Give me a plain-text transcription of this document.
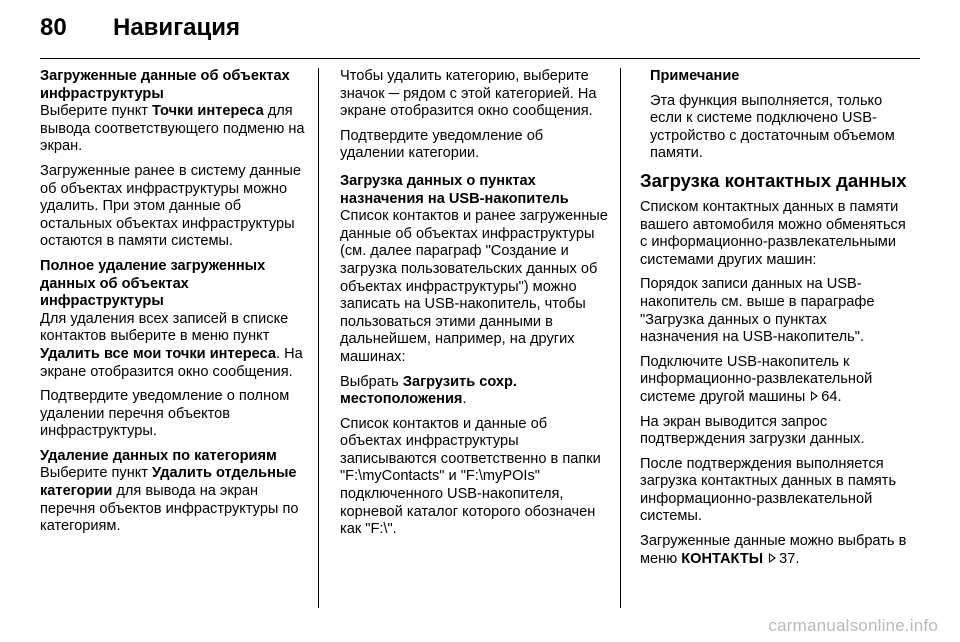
80	Навигация

Загруженные данные об объектах инфраструктуры

Выберите пункт Точки интереса для вывода соответствующего подменю на экран.

Загруженные ранее в систему данные об объектах инфраструктуры можно удалить. При этом данные об остальных объектах инфраструктуры остаются в памяти системы.

Полное удаление загруженных данных об объектах инфраструктуры

Для удаления всех записей в списке контактов выберите в меню пункт Удалить все мои точки интереса. На экране отобразится окно сообщения.

Подтвердите уведомление о полном удалении перечня объектов инфраструктуры.

Удаление данных по категориям

Выберите пункт Удалить отдельные категории для вывода на экран перечня объектов инфраструктуры по категориям.

Чтобы удалить категорию, выберите значок ─ рядом с этой категорией. На экране отобразится окно сообщения.

Подтвердите уведомление об удалении категории.

Загрузка данных о пунктах назначения на USB-накопитель

Список контактов и ранее загруженные данные об объектах инфраструктуры (см. далее параграф "Создание и загрузка пользовательских данных об объектах инфраструктуры") можно записать на USB-накопитель, чтобы пользоваться этими данными в дальнейшем, например, на других машинах:

Выбрать Загрузить сохр. местоположения.

Список контактов и данные об объектах инфраструктуры записываются соответственно в папки "F:\myContacts" и "F:\myPOIs" подключенного USB-накопителя, корневой каталог которого обозначен как "F:\".

Примечание

Эта функция выполняется, только если к системе подключено USB-устройство с достаточным объемом памяти.

Загрузка контактных данных

Списком контактных данных в памяти вашего автомобиля можно обменяться с информационно-развлекательными системами других машин:

Порядок записи данных на USB-накопитель см. выше в параграфе "Загрузка данных о пунктах назначения на USB-накопитель".

Подключите USB-накопитель к информационно-развлекательной системе другой машины 64.

На экран выводится запрос подтверждения загрузки данных.

После подтверждения выполняется загрузка контактных данных в память информационно-развлекательной системы.

Загруженные данные можно выбрать в меню КОНТАКТЫ 37.

carmanualsonline.info
